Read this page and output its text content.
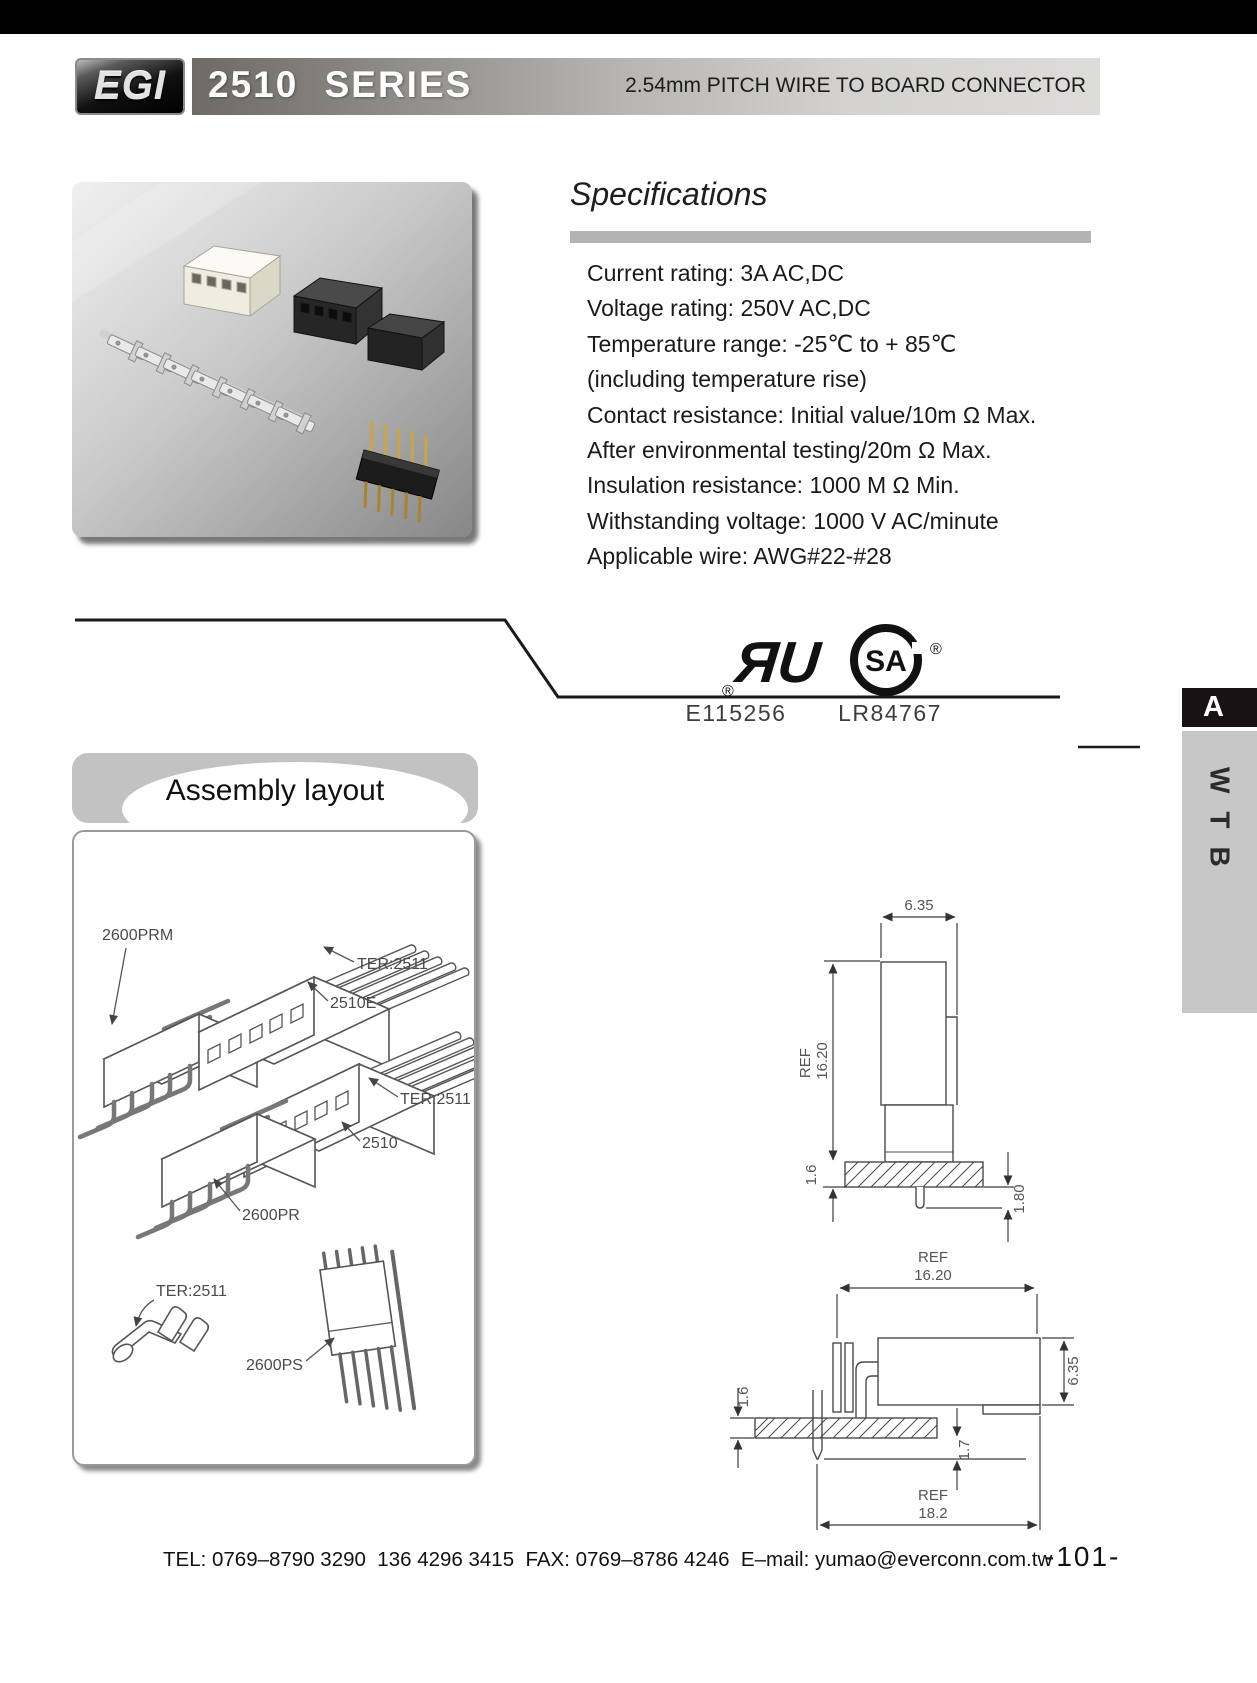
EGI 2510 SERIES	2.54mm PITCH WIRE TO BOARD CONNECTOR
Specifications
Current rating: 3A AC,DC
Voltage rating: 250V AC,DC
Temperature range: -25℃ to + 85℃
(including temperature rise)
Contact resistance: Initial value/10m Ω Max.
After environmental testing/20m Ω Max.
Insulation resistance: 1000 M Ω Min.
Withstanding voltage: 1000 V AC/minute
Applicable wire: AWG#22-#28
ЯU
®
SA ®
E115256	LR84767	A
WTB
Assembly layout
2600PRM
TER:2511
2510E
TER:2511
2510
2600PR
TER:2511
2600PS
6.35
REF 16.20
1.6
1.80
REF
16.20
1.6
1.7
6.35
REF
18.2
TEL: 0769–8790 3290  136 4296 3415  FAX: 0769–8786 4246  E–mail: yumao@everconn.com.tw
-101-
